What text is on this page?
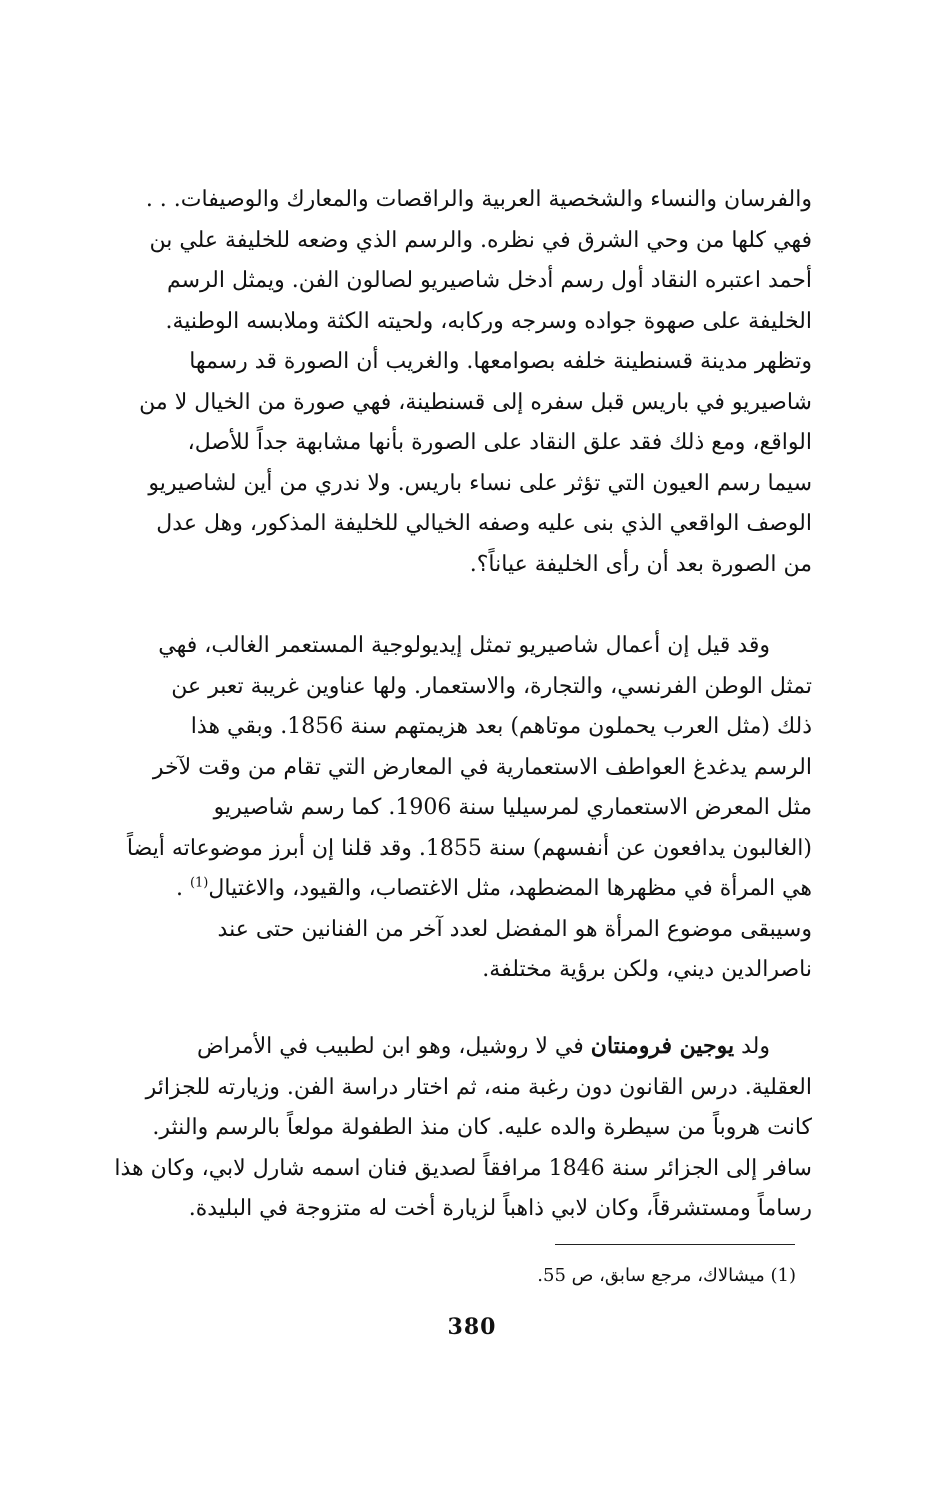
والفرسان والنساء والشخصية العربية والراقصات والمعارك والوصيفات. . .
فهي كلها من وحي الشرق في نظره. والرسم الذي وضعه للخليفة علي بن
أحمد اعتبره النقاد أول رسم أدخل شاصيريو لصالون الفن. ويمثل الرسم
الخليفة على صهوة جواده وسرجه وركابه، ولحيته الكثة وملابسه الوطنية.
وتظهر مدينة قسنطينة خلفه بصوامعها. والغريب أن الصورة قد رسمها
شاصيريو في باريس قبل سفره إلى قسنطينة، فهي صورة من الخيال لا من
الواقع، ومع ذلك فقد علق النقاد على الصورة بأنها مشابهة جداً للأصل،
سيما رسم العيون التي تؤثر على نساء باريس. ولا ندري من أين لشاصيريو
الوصف الواقعي الذي بنى عليه وصفه الخيالي للخليفة المذكور، وهل عدل
من الصورة بعد أن رأى الخليفة عياناً؟.
وقد قيل إن أعمال شاصيريو تمثل إيديولوجية المستعمر الغالب، فهي
تمثل الوطن الفرنسي، والتجارة، والاستعمار. ولها عناوين غريبة تعبر عن
ذلك (مثل العرب يحملون موتاهم) بعد هزيمتهم سنة 1856. وبقي هذا
الرسم يدغدغ العواطف الاستعمارية في المعارض التي تقام من وقت لآخر
مثل المعرض الاستعماري لمرسيليا سنة 1906. كما رسم شاصيريو
(الغالبون يدافعون عن أنفسهم) سنة 1855. وقد قلنا إن أبرز موضوعاته أيضاً
هي المرأة في مظهرها المضطهد، مثل الاغتصاب، والقيود، والاغتيال$^{(1)}$ .
وسيبقى موضوع المرأة هو المفضل لعدد آخر من الفنانين حتى عند
ناصرالدين ديني، ولكن برؤية مختلفة.
ولد يوجين فرومنتان في لا روشيل، وهو ابن لطبيب في الأمراض
العقلية. درس القانون دون رغبة منه، ثم اختار دراسة الفن. وزيارته للجزائر
كانت هروباً من سيطرة والده عليه. كان منذ الطفولة مولعاً بالرسم والنثر.
سافر إلى الجزائر سنة 1846 مرافقاً لصديق فنان اسمه شارل لابي، وكان هذا
رساماً ومستشرقاً، وكان لابي ذاهباً لزيارة أخت له متزوجة في البليدة.
(1) ميشالاك، مرجع سابق، ص 55.
380
